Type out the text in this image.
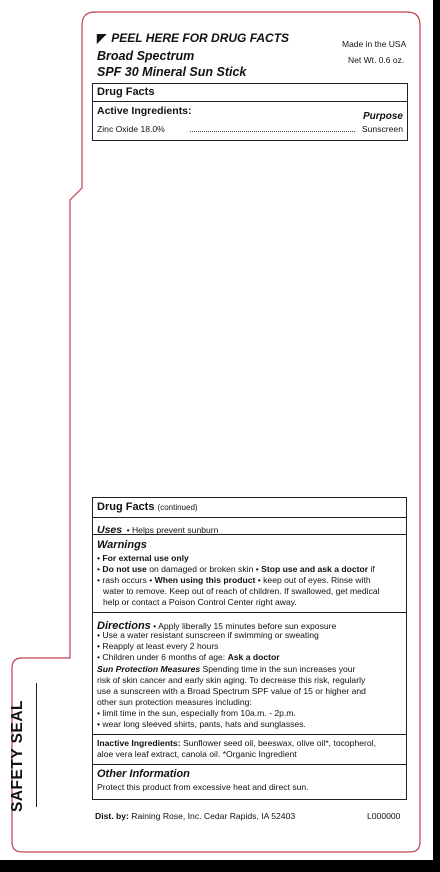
◤ PEEL HERE FOR DRUG FACTS
Broad Spectrum
SPF 30 Mineral Sun Stick
Made in the USA
Net Wt. 0.6 oz.
Drug Facts
Active Ingredients:	Purpose
Zinc Oxide 18.0%	Sunscreen
Drug Facts (continued)
Uses • Helps prevent sunburn
Warnings
• For external use only
• Do not use on damaged or broken skin • Stop use and ask a doctor if
• rash occurs • When using this product • keep out of eyes. Rinse with
water to remove. Keep out of reach of children. If swallowed, get medical
help or contact a Poison Control Center right away.
Directions • Apply liberally 15 minutes before sun exposure
• Use a water resistant sunscreen if swimming or sweating
• Reapply at least every 2 hours
• Children under 6 months of age: Ask a doctor
Sun Protection Measures Spending time in the sun increases your
risk of skin cancer and early skin aging. To decrease this risk, regularly
use a sunscreen with a Broad Spectrum SPF value of 15 or higher and
other sun protection measures including:
• limit time in the sun, especially from 10a.m. - 2p.m.
• wear long sleeved shirts, pants, hats and sunglasses.
Inactive Ingredients: Sunflower seed oil, beeswax, olive oil*, tocopherol,
aloe vera leaf extract, canola oil. *Organic Ingredient
Other Information
Protect this product from excessive heat and direct sun.
Dist. by: Raining Rose, Inc. Cedar Rapids, IA 52403	L000000
SAFETY SEAL
